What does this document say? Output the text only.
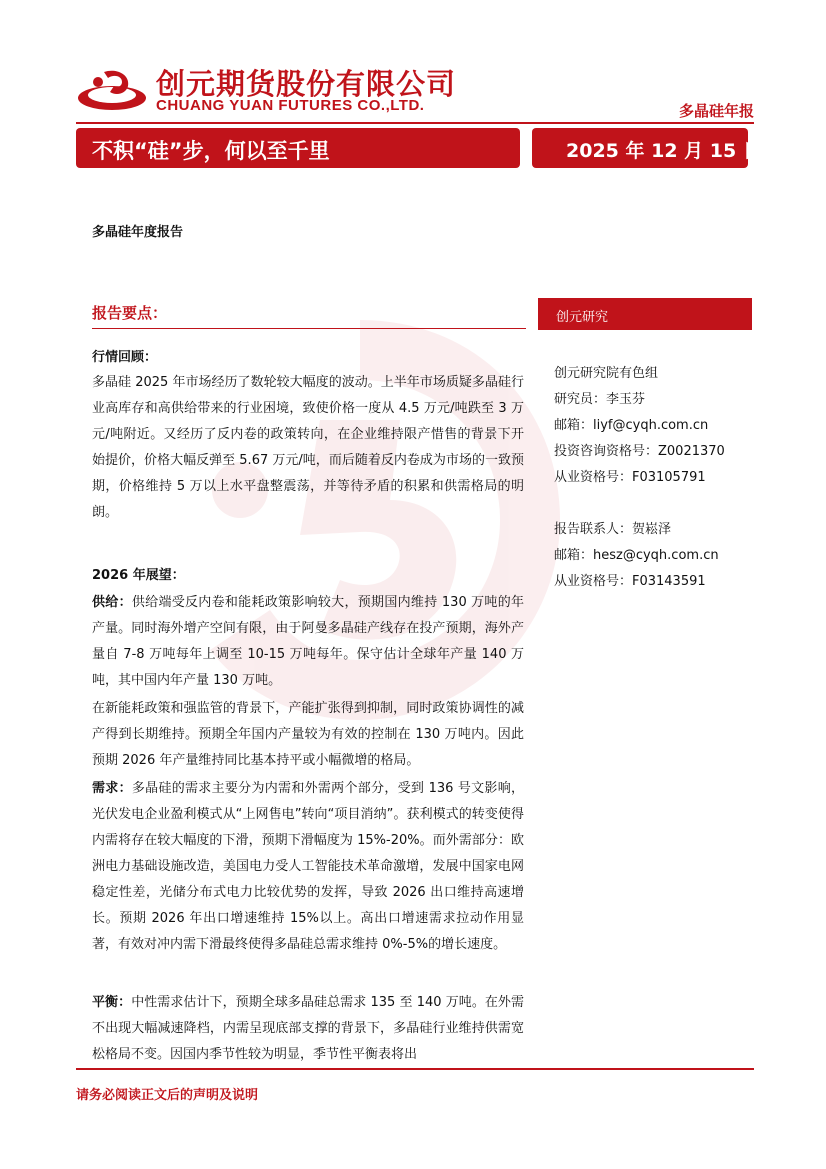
创元期货股份有限公司
CHUANG YUAN FUTURES CO.,LTD.	多晶硅年报
不积“硅”步，何以至千里	2025 年 12 月 15 日
多晶硅年度报告
报告要点：
行情回顾：
多晶硅 2025 年市场经历了数轮较大幅度的波动。上半年市场质疑多晶硅行业高库存和高供给带来的行业困境，致使价格一度从 4.5 万元/吨跌至 3 万元/吨附近。又经历了反内卷的政策转向，在企业维持限产惜售的背景下开始提价，价格大幅反弹至 5.67 万元/吨，而后随着反内卷成为市场的一致预期，价格维持 5 万以上水平盘整震荡，并等待矛盾的积累和供需格局的明朗。
2026 年展望：
供给：供给端受反内卷和能耗政策影响较大，预期国内维持 130 万吨的年产量。同时海外增产空间有限，由于阿曼多晶硅产线存在投产预期，海外产量自 7-8 万吨每年上调至 10-15 万吨每年。保守估计全球年产量 140 万吨，其中国内年产量 130 万吨。
在新能耗政策和强监管的背景下，产能扩张得到抑制，同时政策协调性的减产得到长期维持。预期全年国内产量较为有效的控制在 130 万吨内。因此预期 2026 年产量维持同比基本持平或小幅微增的格局。
需求：多晶硅的需求主要分为内需和外需两个部分，受到 136 号文影响，光伏发电企业盈利模式从“上网售电”转向“项目消纳”。获利模式的转变使得内需将存在较大幅度的下滑，预期下滑幅度为 15%-20%。而外需部分：欧洲电力基础设施改造，美国电力受人工智能技术革命激增，发展中国家电网稳定性差，光储分布式电力比较优势的发挥，导致 2026 出口维持高速增长。预期 2026 年出口增速维持 15%以上。高出口增速需求拉动作用显著，有效对冲内需下滑最终使得多晶硅总需求维持 0%-5%的增长速度。
平衡：中性需求估计下，预期全球多晶硅总需求 135 至 140 万吨。在外需不出现大幅减速降档，内需呈现底部支撑的背景下，多晶硅行业维持供需宽松格局不变。因国内季节性较为明显，季节性平衡表将出
创元研究
创元研究院有色组
研究员：李玉芬
邮箱：liyf@cyqh.com.cn
投资咨询资格号：Z0021370
从业资格号：F03105791
报告联系人：贺崧泽
邮箱：hesz@cyqh.com.cn
从业资格号：F03143591
请务必阅读正文后的声明及说明
